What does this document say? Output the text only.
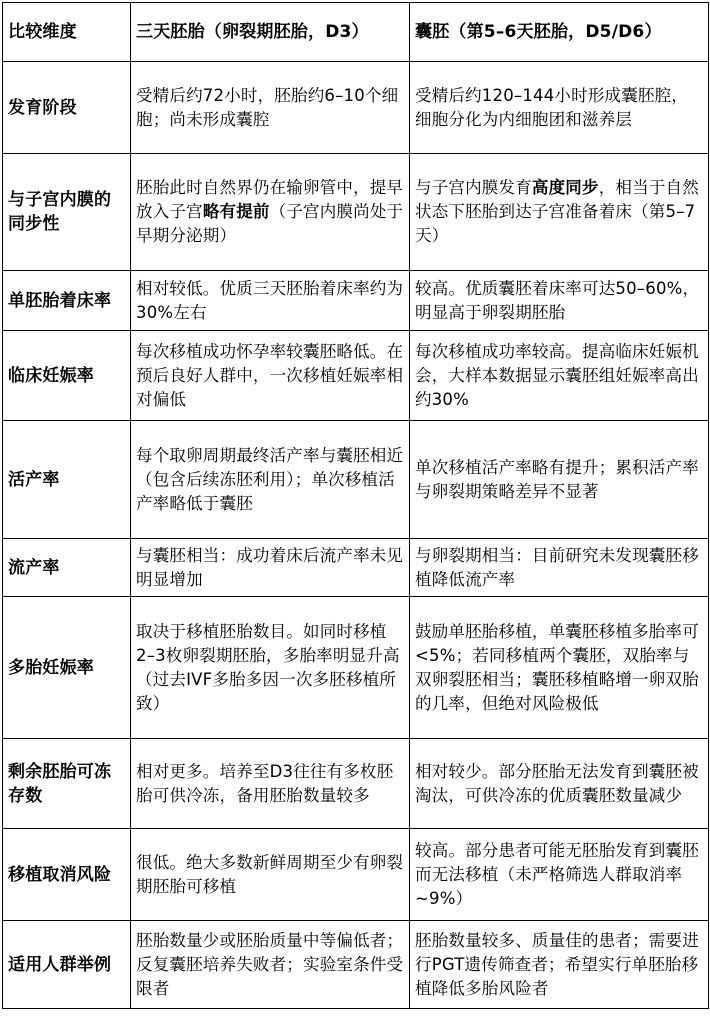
比较维度	三天胚胎（卵裂期胚胎，D3）	囊胚（第5–6天胚胎，D5/D6）
发育阶段	受精后约72小时，胚胎约6–10个细胞；尚未形成囊腔	受精后约120–144小时形成囊胚腔，细胞分化为内细胞团和滋养层
与子宫内膜的同步性	胚胎此时自然界仍在输卵管中，提早放入子宫略有提前（子宫内膜尚处于早期分泌期）	与子宫内膜发育高度同步，相当于自然状态下胚胎到达子宫准备着床（第5–7天）
单胚胎着床率	相对较低。优质三天胚胎着床率约为30%左右	较高。优质囊胚着床率可达50–60%，明显高于卵裂期胚胎
临床妊娠率	每次移植成功怀孕率较囊胚略低。在预后良好人群中，一次移植妊娠率相对偏低	每次移植成功率较高。提高临床妊娠机会，大样本数据显示囊胚组妊娠率高出约30%
活产率	每个取卵周期最终活产率与囊胚相近（包含后续冻胚利用）；单次移植活产率略低于囊胚	单次移植活产率略有提升；累积活产率与卵裂期策略差异不显著
流产率	与囊胚相当：成功着床后流产率未见明显增加	与卵裂期相当：目前研究未发现囊胚移植降低流产率
多胎妊娠率	取决于移植胚胎数目。如同时移植2–3枚卵裂期胚胎，多胎率明显升高（过去IVF多胎多因一次多胚移植所致）	鼓励单胚胎移植，单囊胚移植多胎率可<5%；若同移植两个囊胚，双胎率与双卵裂胚相当；囊胚移植略增一卵双胎的几率，但绝对风险极低
剩余胚胎可冻存数	相对更多。培养至D3往往有多枚胚胎可供冷冻，备用胚胎数量较多	相对较少。部分胚胎无法发育到囊胚被淘汰，可供冷冻的优质囊胚数量减少
移植取消风险	很低。绝大多数新鲜周期至少有卵裂期胚胎可移植	较高。部分患者可能无胚胎发育到囊胚而无法移植（未严格筛选人群取消率~9%）
适用人群举例	胚胎数量少或胚胎质量中等偏低者；反复囊胚培养失败者；实验室条件受限者	胚胎数量较多、质量佳的患者；需要进行PGT遗传筛查者；希望实行单胚胎移植降低多胎风险者
